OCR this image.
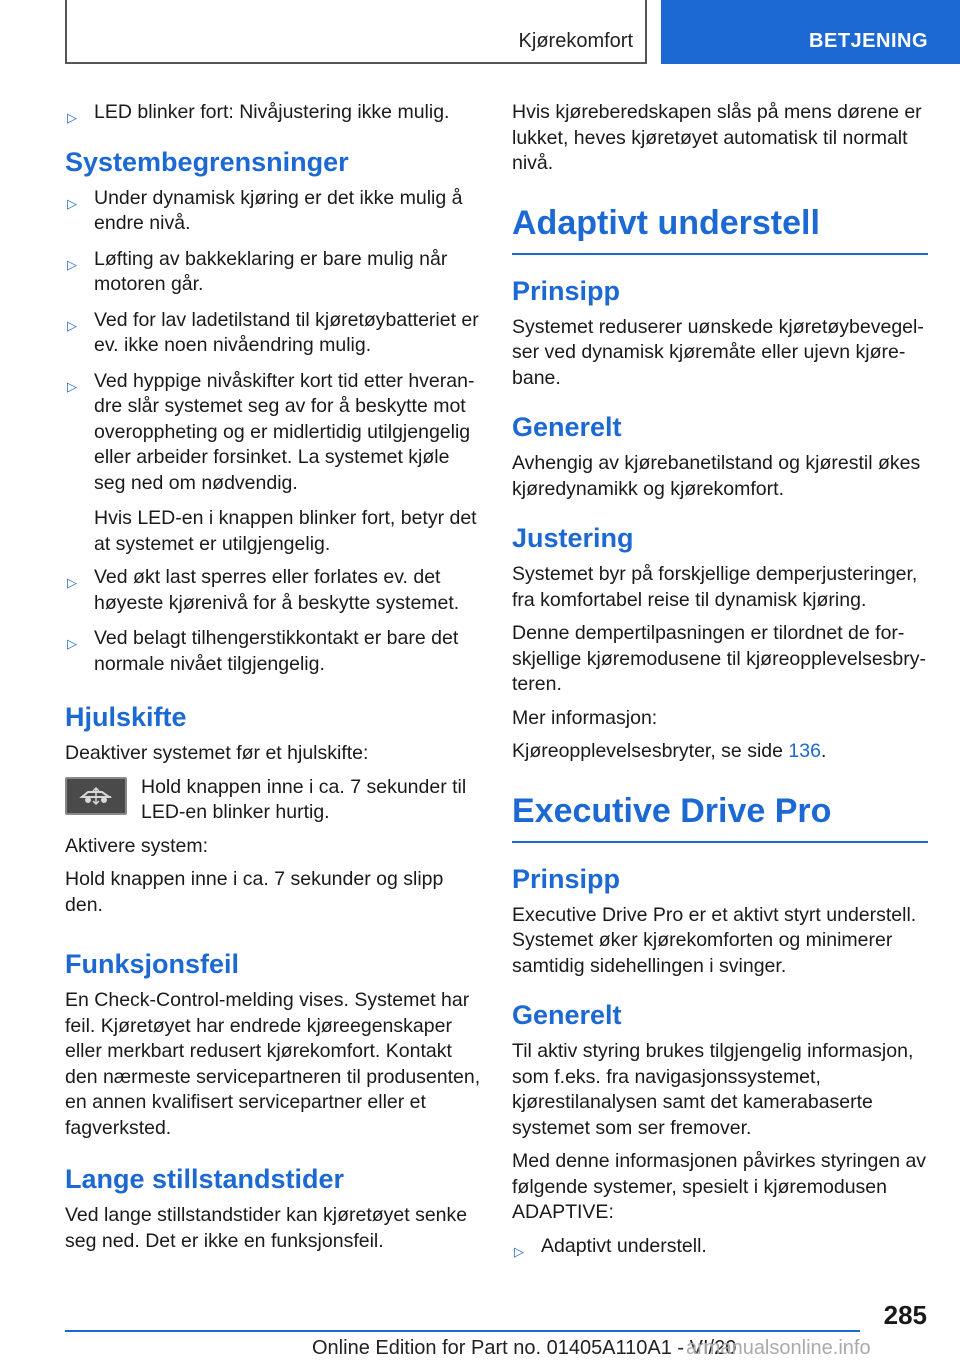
Kjørekomfort	BETJENING
▷ LED blinker fort: Nivåjustering ikke mulig.
Systembegrensninger
▷ Under dynamisk kjøring er det ikke mulig å endre nivå.
▷ Løfting av bakkeklaring er bare mulig når motoren går.
▷ Ved for lav ladetilstand til kjøretøybatteriet er ev. ikke noen nivåendring mulig.
▷ Ved hyppige nivåskifter kort tid etter hverandre slår systemet seg av for å beskytte mot overoppheting og er midlertidig utilgjengelig eller arbeider forsinket. La systemet kjøle seg ned om nødvendig.

Hvis LED-en i knappen blinker fort, betyr det at systemet er utilgjengelig.

▷ Ved økt last sperres eller forlates ev. det høyeste kjørenivå for å beskytte systemet.
▷ Ved belagt tilhengerstikkontakt er bare det normale nivået tilgjengelig.
Hjulskifte

Deaktiver systemet før et hjulskifte:

Hold knappen inne i ca. 7 sekunder til LED-en blinker hurtig.

Aktivere system:

Hold knappen inne i ca. 7 sekunder og slipp den.

Funksjonsfeil

En Check-Control-melding vises. Systemet har feil. Kjøretøyet har endrede kjøreegenskaper eller merkbart redusert kjørekomfort. Kontakt den nærmeste servicepartneren til produsenten, en annen kvalifisert servicepartner eller et fagverksted.

Lange stillstandstider

Ved lange stillstandstider kan kjøretøyet senke seg ned. Det er ikke en funksjonsfeil.

Hvis kjøreberedskapen slås på mens dørene er lukket, heves kjøretøyet automatisk til normalt nivå.

Adaptivt understell
Prinsipp

Systemet reduserer uønskede kjøretøybevegelser ved dynamisk kjøremåte eller ujevn kjørebane.

Generelt

Avhengig av kjørebanetilstand og kjørestil økes kjøredynamikk og kjørekomfort.

Justering

Systemet byr på forskjellige demperjusteringer, fra komfortabel reise til dynamisk kjøring.

Denne dempertilpasningen er tilordnet de forskjellige kjøremodusene til kjøreopplevelsesbryteren.

Mer informasjon:

Kjøreopplevelsesbryter, se side 136.

Executive Drive Pro
Prinsipp

Executive Drive Pro er et aktivt styrt understell. Systemet øker kjørekomforten og minimerer samtidig sidehellingen i svinger.

Generelt

Til aktiv styring brukes tilgjengelig informasjon, som f.eks. fra navigasjonssystemet, kjørestilanalysen samt det kamerabaserte systemet som ser fremover.

Med denne informasjonen påvirkes styringen av følgende systemer, spesielt i kjøremodusen ADAPTIVE:

▷ Adaptivt understell.
285
Online Edition for Part no. 01405A110A1 - VI/20
armanualsonline.info
